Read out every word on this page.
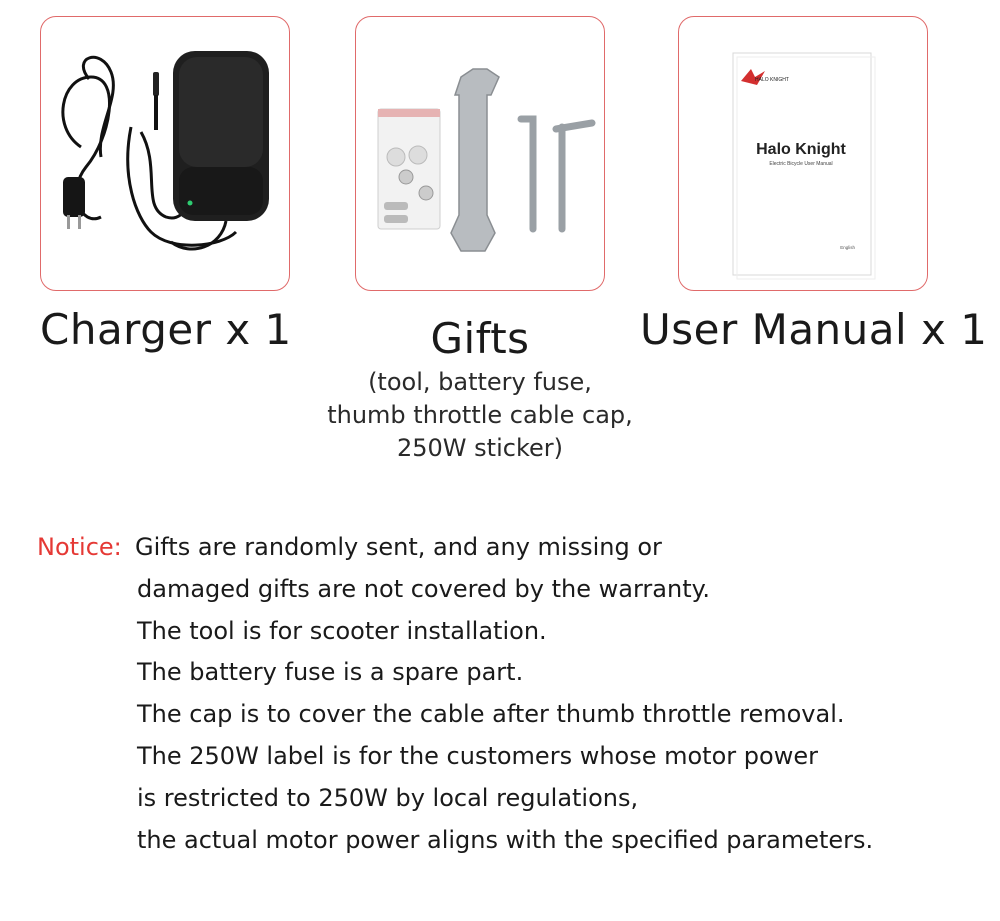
HALO KNIGHT
Halo Knight
Electric Bicycle User Manual
English
Charger x 1	Gifts	User Manual x 1
(tool, battery fuse,
thumb throttle cable cap,
250W sticker)
Notice: Gifts are randomly sent, and any missing or
damaged gifts are not covered by the warranty.
The tool is for scooter installation.
The battery fuse is a spare part.
The cap is to cover the cable after thumb throttle removal.
The 250W label is for the customers whose motor power
is restricted to 250W by local regulations,
the actual motor power aligns with the specified parameters.
